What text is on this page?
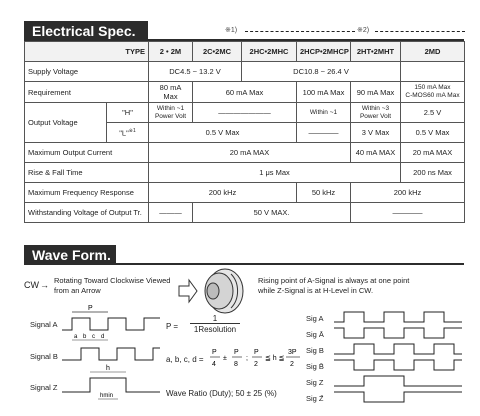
Electrical Spec.	※1)	※2)
TYPE		2 • 2M	2C•2MC	2HC•2MHC	2HCP•2MHCP	2HT•2MHT	2MD
Supply Voltage		DC4.5 ~ 13.2 V		DC10.8 ~ 26.4 V			
Requirement		80 mA Max	60 mA Max		100 mA Max	90 mA Max	150 mA Max
C-MOS60 mA Max
Output Voltage	"H"	Within ~1 Power Volt	———————		Within ~1	Within ~3 Power Volt	2.5 V
	"L"$^{※1}$	0.5 V Max			————	3 V Max	0.5 V Max
Maximum Output Current		20 mA MAX				40 mA MAX	20 mA MAX
Rise & Fall Time		1 μs Max					200 ns Max
Maximum Frequency Response		200 kHz			50 kHz	200 kHz	
Withstanding Voltage of Output Tr.		———	50 V MAX.			————	
Wave Form.
CW → Rotating Toward Clockwise Viewed
from an Arrow
Rising point of A-Signal is always at one point
while Z-Signal is at H-Level in CW.
Signal A
Signal B
Signal Z
P
a b c d
h
hmin
P =
1
1Resolution
a, b, c, d =
P
4
±
P
8
;
P
2
≦ h ≦
3P
2
Wave Ratio (Duty); 50 ± 25 (%)
Sig A
Sig Ā
Sig B
Sig B̄
Sig Z
Sig Z̄
